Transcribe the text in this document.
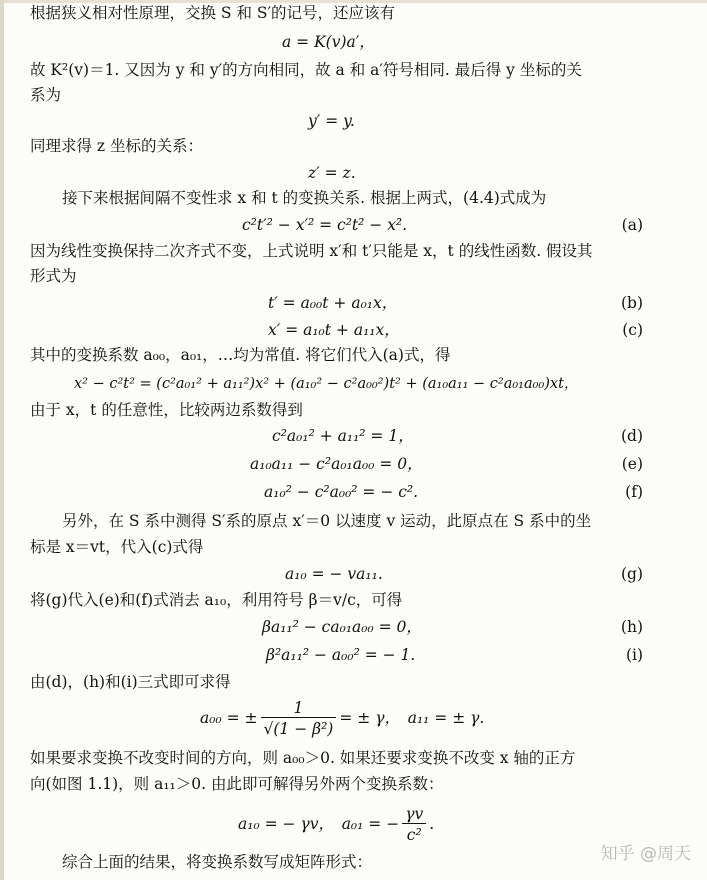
根据狭义相对性原理，交换 S 和 S′的记号，还应该有
a = K(v)a′，
故 K²(v)＝1. 又因为 y 和 y′的方向相同，故 a 和 a′符号相同. 最后得 y 坐标的关
系为
y′ = y.
同理求得 z 坐标的关系：
z′ = z.
接下来根据间隔不变性求 x 和 t 的变换关系. 根据上两式，(4.4)式成为
c²t′² − x′² = c²t² − x².	(a)
因为线性变换保持二次齐式不变，上式说明 x′和 t′只能是 x，t 的线性函数. 假设其
形式为
t′ = a₀₀t + a₀₁x，	(b)
x′ = a₁₀t + a₁₁x，	(c)
其中的变换系数 a₀₀，a₀₁，…均为常值. 将它们代入(a)式，得
x² − c²t² = (c²a₀₁² + a₁₁²)x² + (a₁₀² − c²a₀₀²)t² + (a₁₀a₁₁ − c²a₀₁a₀₀)xt，
由于 x，t 的任意性，比较两边系数得到
c²a₀₁² + a₁₁² = 1，	(d)
a₁₀a₁₁ − c²a₀₁a₀₀ = 0，	(e)
a₁₀² − c²a₀₀² = − c².	(f)
另外，在 S 系中测得 S′系的原点 x′＝0 以速度 v 运动，此原点在 S 系中的坐
标是 x＝vt，代入(c)式得
a₁₀ = − va₁₁.	(g)
将(g)代入(e)和(f)式消去 a₁₀，利用符号 β＝v/c，可得
βa₁₁² − ca₀₁a₀₀ = 0，	(h)
β²a₁₁² − a₀₀² = − 1.	(i)
由(d)，(h)和(i)三式即可求得
a₀₀ = ± $\frac{1}{\text{√(1 − β²)}}$ = ± γ，　a₁₁ = ± γ.
如果要求变换不改变时间的方向，则 a₀₀＞0. 如果还要求变换不改变 x 轴的正方
向(如图 1.1)，则 a₁₁＞0. 由此即可解得另外两个变换系数：
a₁₀ = − γv，　a₀₁ = − $\frac{\gamma v}{\text{c²}}$ .
综合上面的结果，将变换系数写成矩阵形式：	知乎 @周天
